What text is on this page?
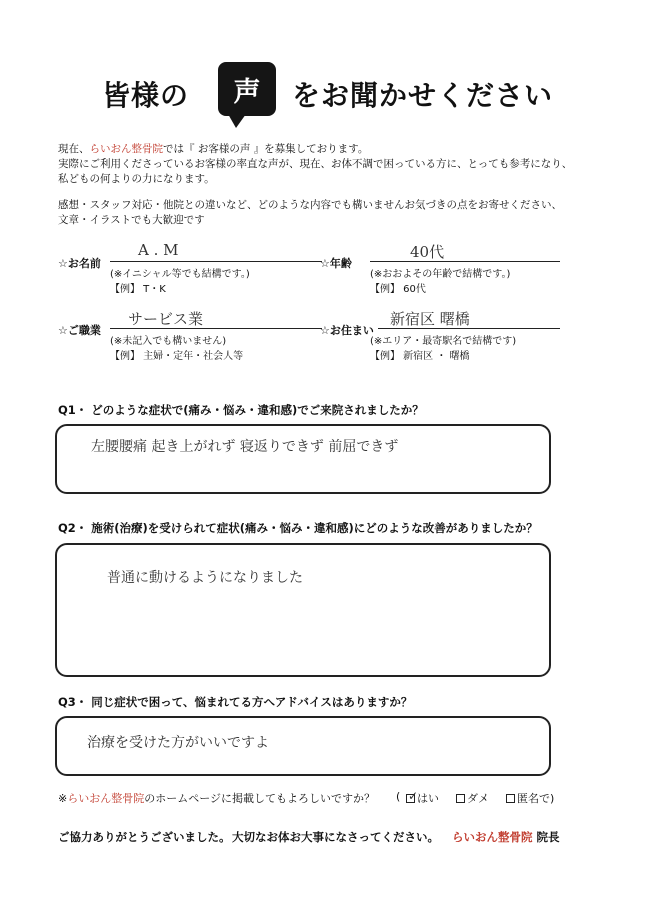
皆様の 声 をお聞かせください
現在、らいおん整骨院では『 お客様の声 』を募集しております。
実際にご利用くださっているお客様の率直な声が、現在、お体不調で困っている方に、とっても参考になり、
私どもの何よりの力になります。
感想・スタッフ対応・他院との違いなど、どのような内容でも構いませんお気づきの点をお寄せください、
文章・イラストでも大歓迎です
☆お名前
A . M
(※イニシャル等でも結構です。)
【例】 T・K
☆年齢
40代
(※おおよその年齢で結構です。)
【例】 60代
☆ご職業
サービス業
(※未記入でも構いません)
【例】 主婦・定年・社会人等
☆お住まい
新宿区 曙橋
(※エリア・最寄駅名で結構です)
【例】 新宿区 ・ 曙橋
Q1・ どのような症状で(痛み・悩み・違和感)でご来院されましたか？
左腰腰痛 起き上がれず 寝返りできず 前屈できず
Q2・ 施術(治療)を受けられて症状(痛み・悩み・違和感)にどのような改善がありましたか？
普通に動けるようになりました
Q3・ 同じ症状で困って、悩まれてる方へアドバイスはありますか？
治療を受けた方がいいですよ
※らいおん整骨院のホームページに掲載してもよろしいですか？ ( ✓
はい	ダメ	匿名で)
ご協力ありがとうございました。 大切なお体お大事になさってください。 らいおん整骨院 院長
